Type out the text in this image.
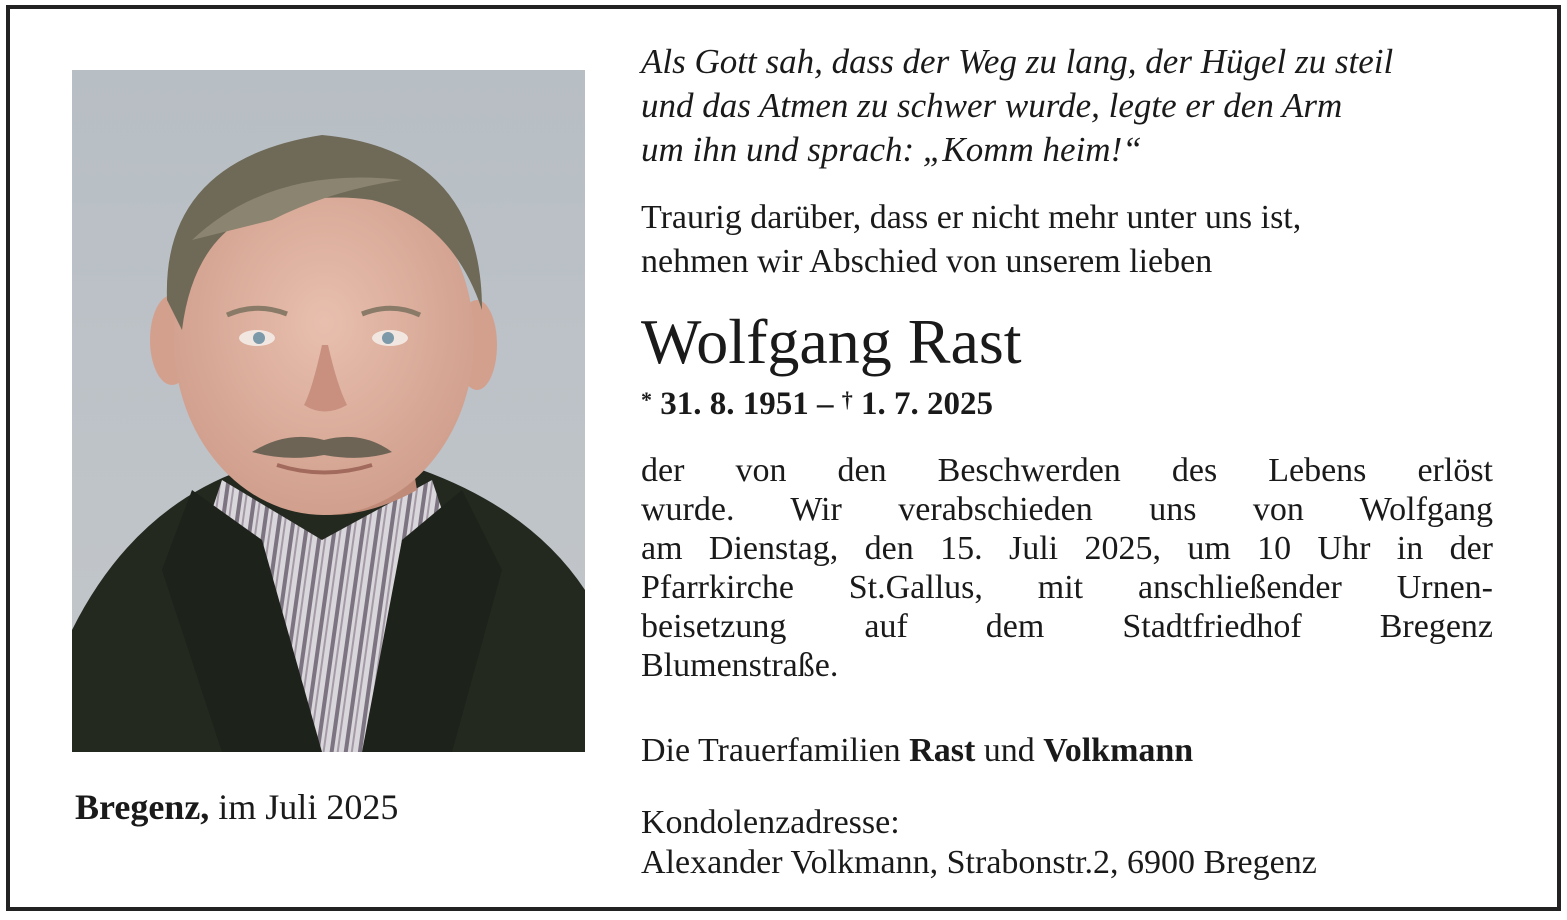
Bregenz, im Juli 2025
Als Gott sah, dass der Weg zu lang, der Hügel zu steil
und das Atmen zu schwer wurde, legte er den Arm
um ihn und sprach: „Komm heim!“
Traurig darüber, dass er nicht mehr unter uns ist,
nehmen wir Abschied von unserem lieben
Wolfgang Rast
* 31. 8. 1951 – † 1. 7. 2025
der von den Beschwerden des Lebens erlöst
wurde. Wir verabschieden uns von Wolfgang
am Dienstag, den 15. Juli 2025, um 10 Uhr in der
Pfarrkirche St.Gallus, mit anschließender Urnen-
beisetzung auf dem Stadtfriedhof Bregenz
Blumenstraße.
Die Trauerfamilien Rast und Volkmann
Kondolenzadresse:
Alexander Volkmann, Strabonstr.2, 6900 Bregenz
